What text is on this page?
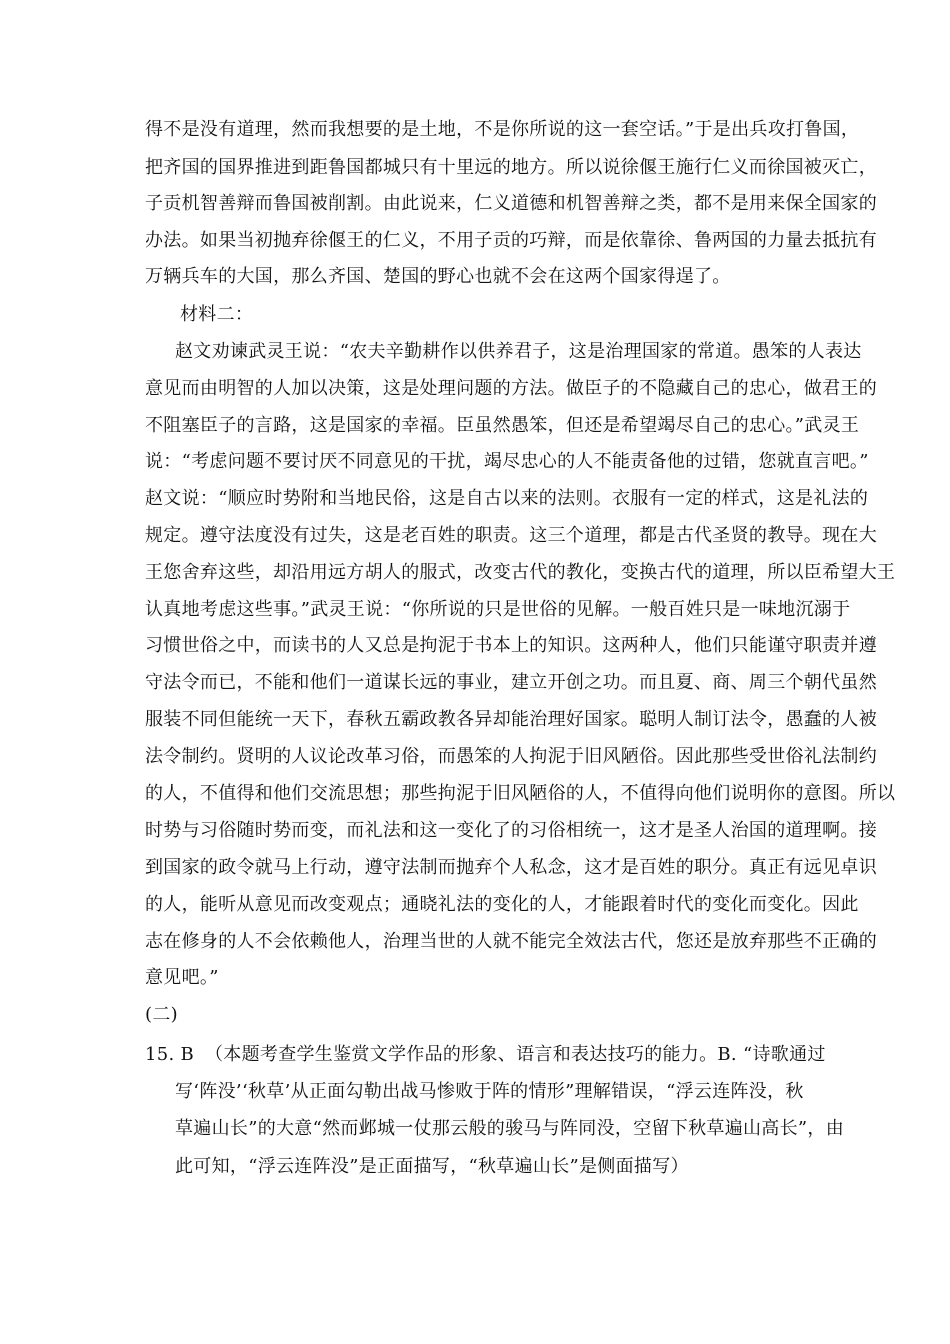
得不是没有道理，然而我想要的是土地，不是你所说的这一套空话。”于是出兵攻打鲁国，
把齐国的国界推进到距鲁国都城只有十里远的地方。所以说徐偃王施行仁义而徐国被灭亡，
子贡机智善辩而鲁国被削割。由此说来，仁义道德和机智善辩之类，都不是用来保全国家的
办法。如果当初抛弃徐偃王的仁义，不用子贡的巧辩，而是依靠徐、鲁两国的力量去抵抗有
万辆兵车的大国，那么齐国、楚国的野心也就不会在这两个国家得逞了。
材料二：
赵文劝谏武灵王说：“农夫辛勤耕作以供养君子，这是治理国家的常道。愚笨的人表达
意见而由明智的人加以决策，这是处理问题的方法。做臣子的不隐藏自己的忠心，做君王的
不阻塞臣子的言路，这是国家的幸福。臣虽然愚笨，但还是希望竭尽自己的忠心。”武灵王
说：“考虑问题不要讨厌不同意见的干扰，竭尽忠心的人不能责备他的过错，您就直言吧。”
赵文说：“顺应时势附和当地民俗，这是自古以来的法则。衣服有一定的样式，这是礼法的
规定。遵守法度没有过失，这是老百姓的职责。这三个道理，都是古代圣贤的教导。现在大
王您舍弃这些，却沿用远方胡人的服式，改变古代的教化，变换古代的道理，所以臣希望大王
认真地考虑这些事。”武灵王说：“你所说的只是世俗的见解。一般百姓只是一味地沉溺于
习惯世俗之中，而读书的人又总是拘泥于书本上的知识。这两种人，他们只能谨守职责并遵
守法令而已，不能和他们一道谋长远的事业，建立开创之功。而且夏、商、周三个朝代虽然
服装不同但能统一天下，春秋五霸政教各异却能治理好国家。聪明人制订法令，愚蠢的人被
法令制约。贤明的人议论改革习俗，而愚笨的人拘泥于旧风陋俗。因此那些受世俗礼法制约
的人，不值得和他们交流思想；那些拘泥于旧风陋俗的人，不值得向他们说明你的意图。所以
时势与习俗随时势而变，而礼法和这一变化了的习俗相统一，这才是圣人治国的道理啊。接
到国家的政令就马上行动，遵守法制而抛弃个人私念，这才是百姓的职分。真正有远见卓识
的人，能听从意见而改变观点；通晓礼法的变化的人，才能跟着时代的变化而变化。因此
志在修身的人不会依赖他人，治理当世的人就不能完全效法古代，您还是放弃那些不正确的
意见吧。”
(二)
15. B （本题考查学生鉴赏文学作品的形象、语言和表达技巧的能力。B. “诗歌通过
写‘阵没’‘秋草’从正面勾勒出战马惨败于阵的情形”理解错误，“浮云连阵没，秋
草遍山长”的大意“然而邺城一仗那云般的骏马与阵同没，空留下秋草遍山高长”，由
此可知，“浮云连阵没”是正面描写，“秋草遍山长”是侧面描写）
